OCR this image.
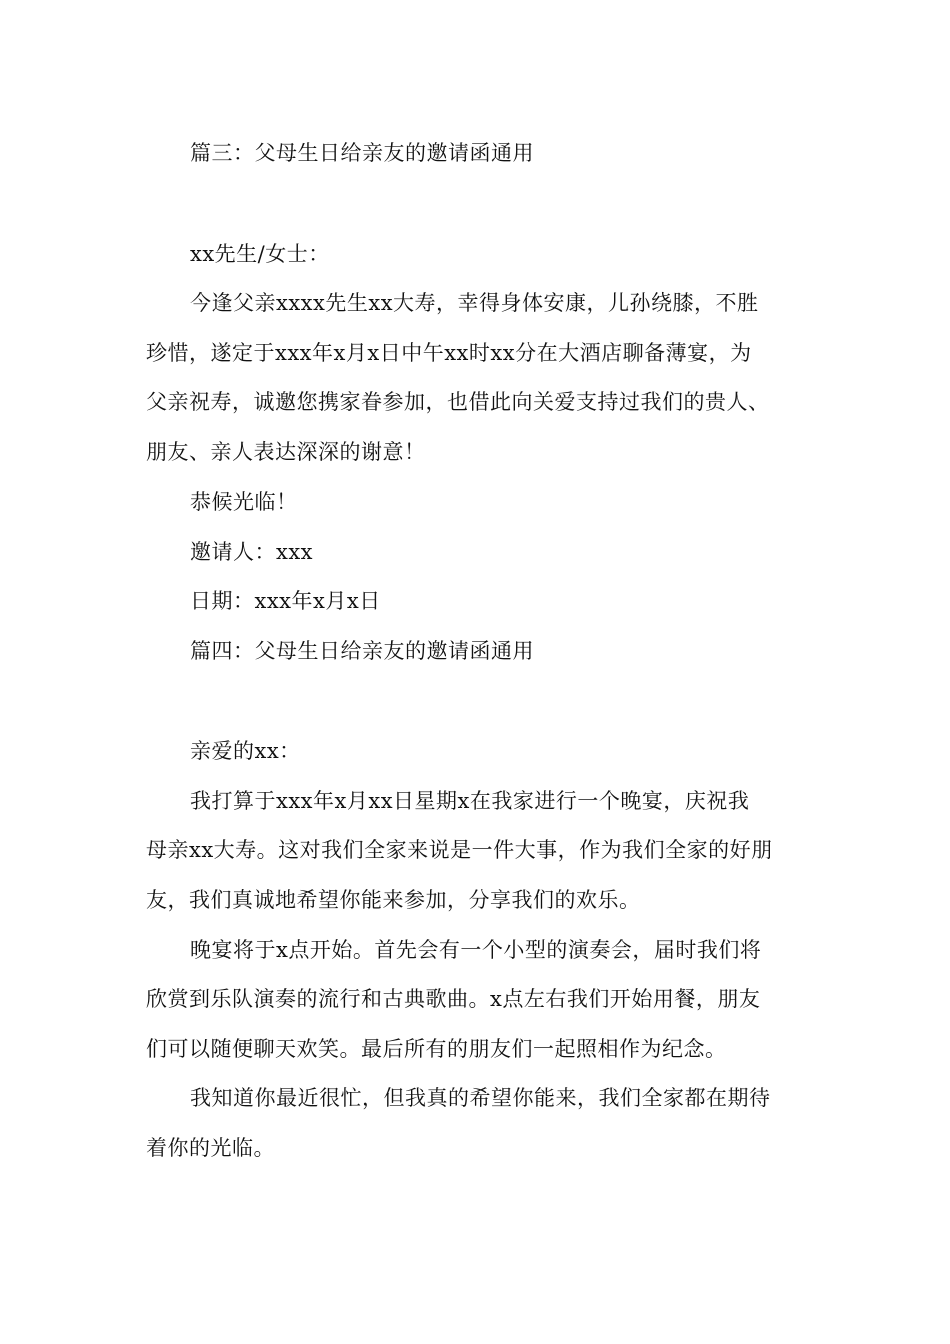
篇三：父母生日给亲友的邀请函通用
xx先生/女士：
今逢父亲xxxx先生xx大寿，幸得身体安康，儿孙绕膝，不胜
珍惜，遂定于xxx年x月x日中午xx时xx分在大酒店聊备薄宴，为
父亲祝寿，诚邀您携家眷参加，也借此向关爱支持过我们的贵人、
朋友、亲人表达深深的谢意！
恭候光临！
邀请人：xxx
日期：xxx年x月x日
篇四：父母生日给亲友的邀请函通用
亲爱的xx：
我打算于xxx年x月xx日星期x在我家进行一个晚宴，庆祝我
母亲xx大寿。这对我们全家来说是一件大事，作为我们全家的好朋
友，我们真诚地希望你能来参加，分享我们的欢乐。
晚宴将于x点开始。首先会有一个小型的演奏会，届时我们将
欣赏到乐队演奏的流行和古典歌曲。x点左右我们开始用餐，朋友
们可以随便聊天欢笑。最后所有的朋友们一起照相作为纪念。
我知道你最近很忙，但我真的希望你能来，我们全家都在期待
着你的光临。
